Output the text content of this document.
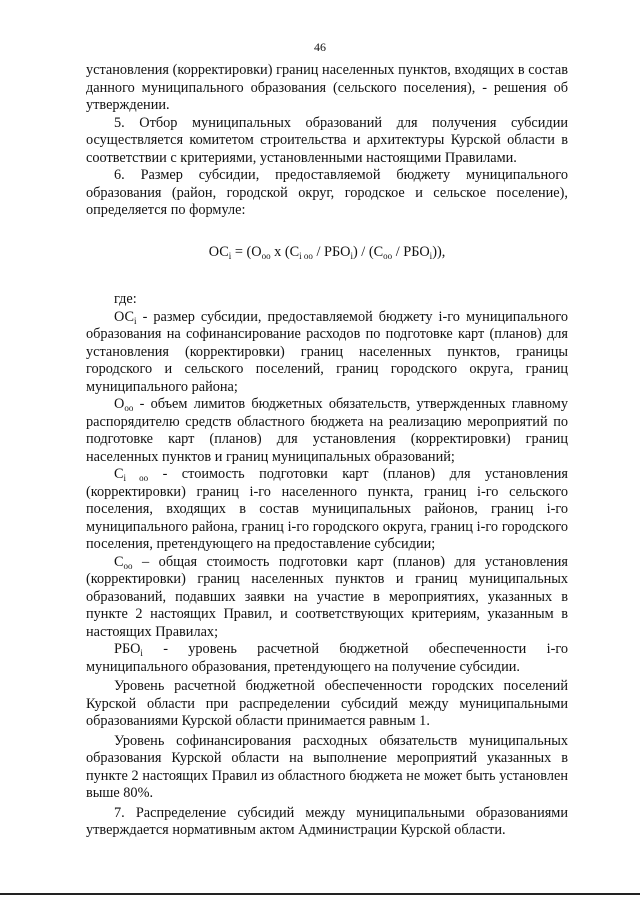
46

установления (корректировки) границ населенных пунктов, входящих в состав данного муниципального образования (сельского поселения), - решения об утверждении.

5. Отбор муниципальных образований для получения субсидии осуществляется комитетом строительства и архитектуры Курской области в соответствии с критериями, установленными настоящими Правилами.

6. Размер субсидии, предоставляемой бюджету муниципального образования (район, городской округ, городское и сельское поселение), определяется по формуле:

$ОС_i = (О_{оо}$ x $(С_{i оо} / РБО_i) / (С_{оо} / РБО_i)$),

где:

$ОС_i$ - размер субсидии, предоставляемой бюджету i-го муниципального образования на софинансирование расходов по подготовке карт (планов) для установления (корректировки) границ населенных пунктов, границы городского и сельского поселений, границ городского округа, границ муниципального района;

$О_{оо}$ - объем лимитов бюджетных обязательств, утвержденных главному распорядителю средств областного бюджета на реализацию мероприятий по подготовке карт (планов) для установления (корректировки) границ населенных пунктов и границ муниципальных образований;

$С_{i оо}$ - стоимость подготовки карт (планов) для установления (корректировки) границ i-го населенного пункта, границ i-го сельского поселения, входящих в состав муниципальных районов, границ i-го муниципального района, границ i-го городского округа, границ i-го городского поселения, претендующего на предоставление субсидии;

$С_{оо}$ – общая стоимость подготовки карт (планов) для установления (корректировки) границ населенных пунктов и границ муниципальных образований, подавших заявки на участие в мероприятиях, указанных в пункте 2 настоящих Правил, и соответствующих критериям, указанным в настоящих Правилах;

$РБО_i$ - уровень расчетной бюджетной обеспеченности i-го муниципального образования, претендующего на получение субсидии.

Уровень расчетной бюджетной обеспеченности городских поселений Курской области при распределении субсидий между муниципальными образованиями Курской области принимается равным 1.

Уровень софинансирования расходных обязательств муниципальных образования Курской области на выполнение мероприятий указанных в пункте 2 настоящих Правил из областного бюджета не может быть установлен выше 80%.

7. Распределение субсидий между муниципальными образованиями утверждается нормативным актом Администрации Курской области.
